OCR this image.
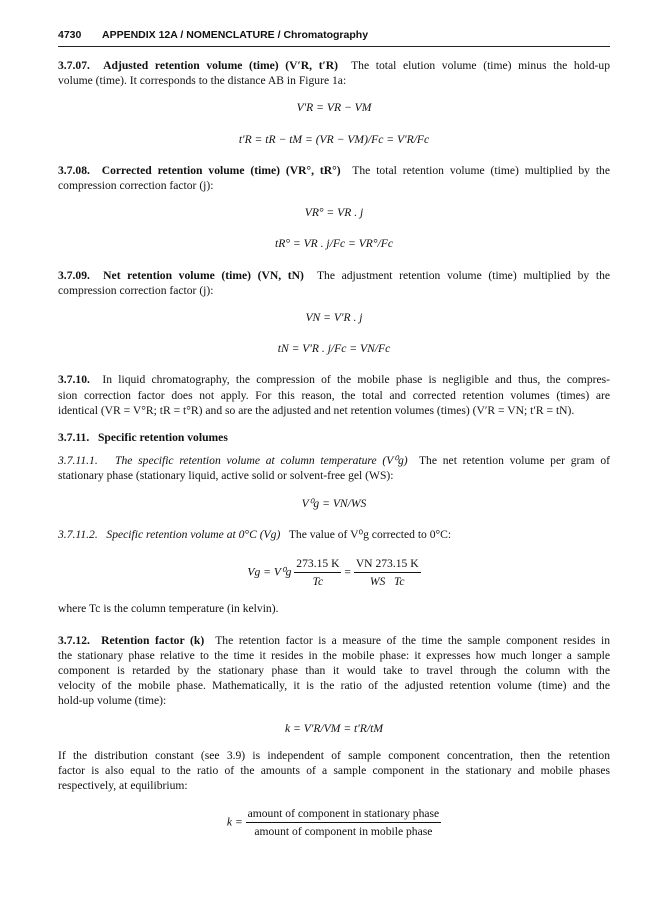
4730 APPENDIX 12A / NOMENCLATURE / Chromatography

3.7.07. Adjusted retention volume (time) (V′R, t′R) The total elution volume (time) minus the hold-up

volume (time). It corresponds to the distance AB in Figure 1a:

V′R = VR − VM
t′R = tR − tM = (VR − VM)/Fc = V′R/Fc

3.7.08. Corrected retention volume (time) (VR°, tR°) The total retention volume (time) multiplied by the

compression correction factor (j):

VR° = VR . j
tR° = VR . j/Fc = VR°/Fc

3.7.09. Net retention volume (time) (VN, tN) The adjustment retention volume (time) multiplied by the

compression correction factor (j):

VN = V′R . j
tN = V′R . j/Fc = VN/Fc

3.7.10. In liquid chromatography, the compression of the mobile phase is negligible and thus, the compres-

sion correction factor does not apply. For this reason, the total and corrected retention volumes (times) are

identical (VR = V°R; tR = t°R) and so are the adjusted and net retention volumes (times) (V′R = VN; t′R = tN).

3.7.11. Specific retention volumes

3.7.11.1. The specific retention volume at column temperature (V⁰g) The net retention volume per gram of

stationary phase (stationary liquid, active solid or solvent-free gel (WS):

V⁰g = VN/WS

3.7.11.2. Specific retention volume at 0°C (Vg) The value of V⁰g corrected to 0°C:

$Vg = V^0g \frac{273.15 K}{Tc} = \frac{VN 273.15 K}{\text{WS   Tc}}$

where Tc is the column temperature (in kelvin).

3.7.12. Retention factor (k) The retention factor is a measure of the time the sample component resides in

the stationary phase relative to the time it resides in the mobile phase: it expresses how much longer a sample

component is retarded by the stationary phase than it would take to travel through the column with the

velocity of the mobile phase. Mathematically, it is the ratio of the adjusted retention volume (time) and the

hold-up volume (time):

k = V′R/VM = t′R/tM

If the distribution constant (see 3.9) is independent of sample component concentration, then the retention

factor is also equal to the ratio of the amounts of a sample component in the stationary and mobile phases

respectively, at equilibrium:

$k = \frac{\text{amount of component in stationary phase}}{\text{amount of component in mobile phase}}$
